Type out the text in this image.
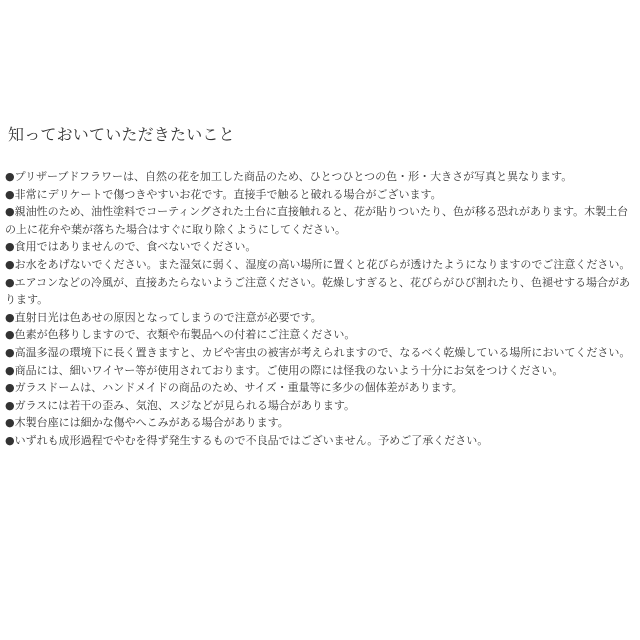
知っておいていただきたいこと
●プリザーブドフラワーは、自然の花を加工した商品のため、ひとつひとつの色・形・大きさが写真と異なります。
●非常にデリケートで傷つきやすいお花です。直接手で触ると破れる場合がございます。
●親油性のため、油性塗料でコーティングされた土台に直接触れると、花が貼りついたり、色が移る恐れがあります。木製土台の上に花弁や葉が落ちた場合はすぐに取り除くようにしてください。
●食用ではありませんので、食べないでください。
●お水をあげないでください。また湿気に弱く、湿度の高い場所に置くと花びらが透けたようになりますのでご注意ください。
●エアコンなどの冷風が、直接あたらないようご注意ください。乾燥しすぎると、花びらがひび割れたり、色褪せする場合があります。
●直射日光は色あせの原因となってしまうので注意が必要です。
●色素が色移りしますので、衣類や布製品への付着にご注意ください。
●高温多湿の環境下に長く置きますと、カビや害虫の被害が考えられますので、なるべく乾燥している場所においてください。
●商品には、細いワイヤー等が使用されております。ご使用の際には怪我のないよう十分にお気をつけください。
●ガラスドームは、ハンドメイドの商品のため、サイズ・重量等に多少の個体差があります。
●ガラスには若干の歪み、気泡、スジなどが見られる場合があります。
●木製台座には細かな傷やへこみがある場合があります。
●いずれも成形過程でやむを得ず発生するもので不良品ではございません。予めご了承ください。
